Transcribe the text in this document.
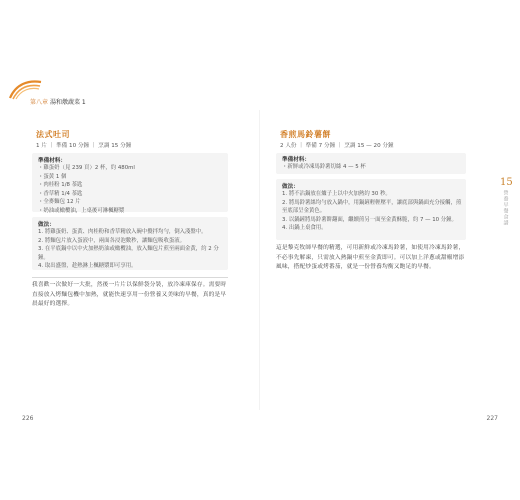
第八章 湯和燉蔬菜 1
法式吐司
1 片 ｜ 準備 10 分鐘 ｜ 烹調 15 分鐘
準備材料：
・雞蛋奶（見 239 頁）2 杯，約 480ml
・蛋黃 1 個
・肉桂粉 1/8 茶匙
・香草精 1/4 茶匙
・全麥麵包 12 片
・奶油或橄欖油，上桌後可淋楓糖漿
做法：
1. 將雞蛋奶、蛋黃、肉桂粉和香草精放入碗中攪拌均勻，倒入淺盤中。
2. 將麵包片放入蛋液中，兩面各浸泡數秒，讓麵包吸收蛋液。
3. 在平底鍋中以中火加熱奶油或橄欖油，放入麵包片煎至兩面金黃，約 2 分鐘。
4. 取出盛盤，趁熱淋上楓糖漿即可享用。
我喜歡一次做好一大批，然後一片片以保鮮袋分裝，放冷凍庫保存。需要時直接放入烤麵包機中加熱，就能快速享用一份營養又美味的早餐，真的是早晨最好的選擇。
226
香煎馬鈴薯餅
2 人份 ｜ 準備 7 分鐘 ｜ 烹調 15 — 20 分鐘
準備材料：
・新鮮或冷凍馬鈴薯切絲 4 — 5 杯
做法：
1. 將不沾鍋放在爐子上以中火加熱約 30 秒。
2. 將馬鈴薯絲均勻放入鍋中，用鍋鏟輕輕壓平，讓底部與鍋面充分接觸，煎至底部呈金黃色。
3. 以鍋鏟將馬鈴薯餅翻面，繼續煎另一面至金黃酥脆，約 7 — 10 分鐘。
4. 出鍋上桌食用。
這是黎克牧師早餐的精選，可用新鮮或冷凍馬鈴薯，如使用冷凍馬鈴薯，不必事先解凍，只需放入熱鍋中煎至金黃即可。可以加上洋蔥或甜椒增添風味，搭配炒蛋或烤番茄，就是一份營養均衡又飽足的早餐。
227
15
營養早餐食譜
